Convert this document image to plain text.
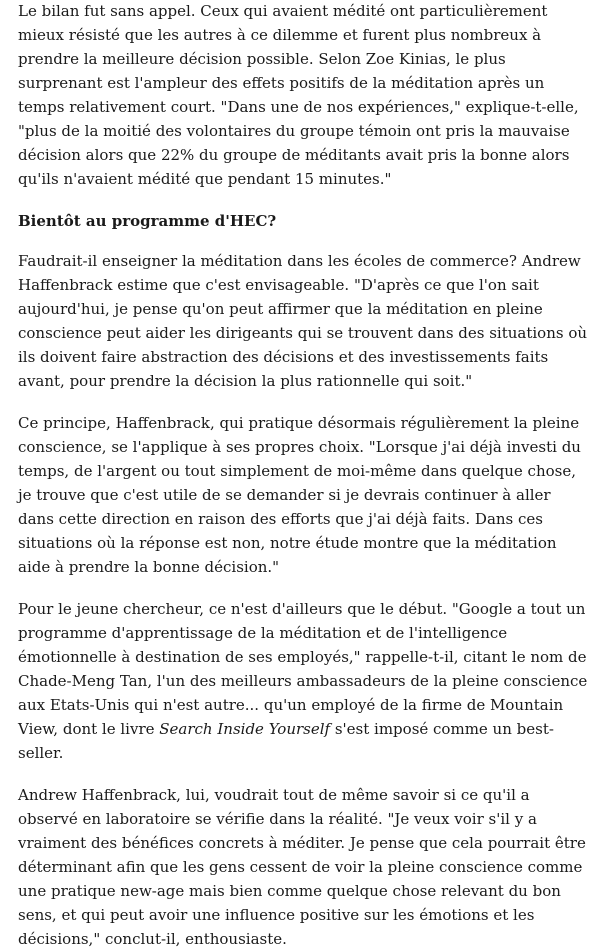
Le bilan fut sans appel. Ceux qui avaient médité ont particulièrement mieux résisté que les autres à ce dilemme et furent plus nombreux à prendre la meilleure décision possible. Selon Zoe Kinias, le plus surprenant est l'ampleur des effets positifs de la méditation après un temps relativement court. "Dans une de nos expériences," explique-t-elle, "plus de la moitié des volontaires du groupe témoin ont pris la mauvaise décision alors que 22% du groupe de méditants avait pris la bonne alors qu'ils n'avaient médité que pendant 15 minutes."

Bientôt au programme d'HEC?

Faudrait-il enseigner la méditation dans les écoles de commerce? Andrew Haffenbrack estime que c'est envisageable. "D'après ce que l'on sait aujourd'hui, je pense qu'on peut affirmer que la méditation en pleine conscience peut aider les dirigeants qui se trouvent dans des situations où ils doivent faire abstraction des décisions et des investissements faits avant, pour prendre la décision la plus rationnelle qui soit."

Ce principe, Haffenbrack, qui pratique désormais régulièrement la pleine conscience, se l'applique à ses propres choix. "Lorsque j'ai déjà investi du temps, de l'argent ou tout simplement de moi-même dans quelque chose, je trouve que c'est utile de se demander si je devrais continuer à aller dans cette direction en raison des efforts que j'ai déjà faits. Dans ces situations où la réponse est non, notre étude montre que la méditation aide à prendre la bonne décision."

Pour le jeune chercheur, ce n'est d'ailleurs que le début. "Google a tout un programme d'apprentissage de la méditation et de l'intelligence émotionnelle à destination de ses employés," rappelle-t-il, citant le nom de Chade-Meng Tan, l'un des meilleurs ambassadeurs de la pleine conscience aux Etats-Unis qui n'est autre... qu'un employé de la firme de Mountain View, dont le livre Search Inside Yourself s'est imposé comme un best-seller.

Andrew Haffenbrack, lui, voudrait tout de même savoir si ce qu'il a observé en laboratoire se vérifie dans la réalité. "Je veux voir s'il y a vraiment des bénéfices concrets à méditer. Je pense que cela pourrait être déterminant afin que les gens cessent de voir la pleine conscience comme une pratique new-age mais bien comme quelque chose relevant du bon sens, et qui peut avoir une influence positive sur les émotions et les décisions," conclut-il, enthousiaste.
